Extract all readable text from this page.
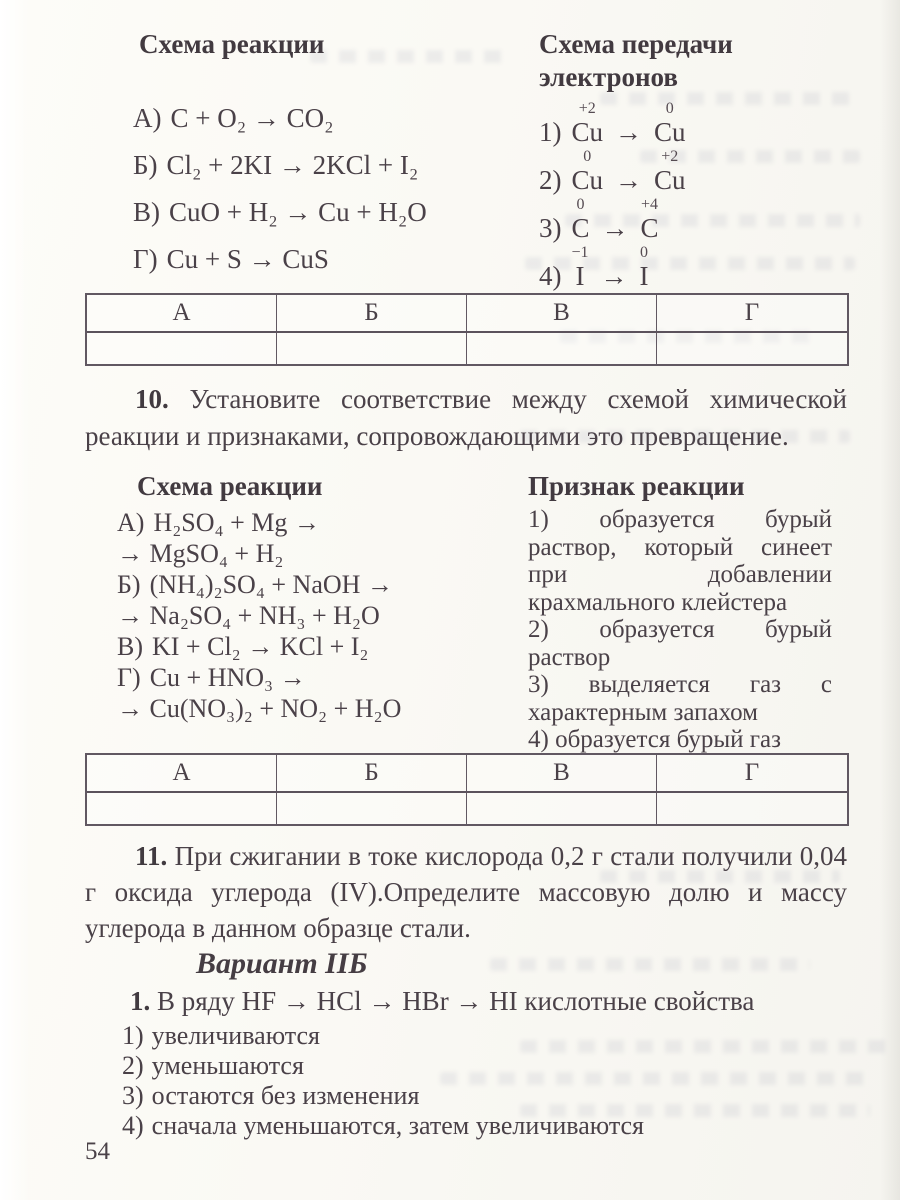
Схема реакции
А) C + O₂ → CO₂
Б) Cl₂ + 2KI → 2KCl + I₂
В) CuO + H₂ → Cu + H₂O
Г) Cu + S → CuS
Схема передачи электронов
1)
+2
Cu →
0
Cu
2)
0
Cu →
+2
Cu
3)
0
C →
+4
C
4)
−1
I →
0
I
А	Б	В	Г

10. Установите соответствие между схемой химической реакции и признаками, сопровождающими это превращение.

Схема реакции
А) H₂SO₄ + Mg →
→ MgSO₄ + H₂
Б) (NH₄)₂SO₄ + NaOH →
→ Na₂SO₄ + NH₃ + H₂O
В) KI + Cl₂ → KCl + I₂
Г) Cu + HNO₃ →
→ Cu(NO₃)₂ + NO₂ + H₂O
Признак реакции

1) образуется бурый раствор, который синеет при добавлении крахмального клейстера

2) образуется бурый раствор

3) выделяется газ с характерным запахом

4) образуется бурый газ

А	Б	В	Г

11. При сжигании в токе кислорода 0,2 г стали получили 0,04 г оксида углерода (IV).Определите массовую долю и массу углерода в данном образце стали.

Вариант IIБ

1. В ряду HF → HCl → HBr → HI кислотные свойства

1) увеличиваются
2) уменьшаются
3) остаются без изменения
4) сначала уменьшаются, затем увеличиваются
54
